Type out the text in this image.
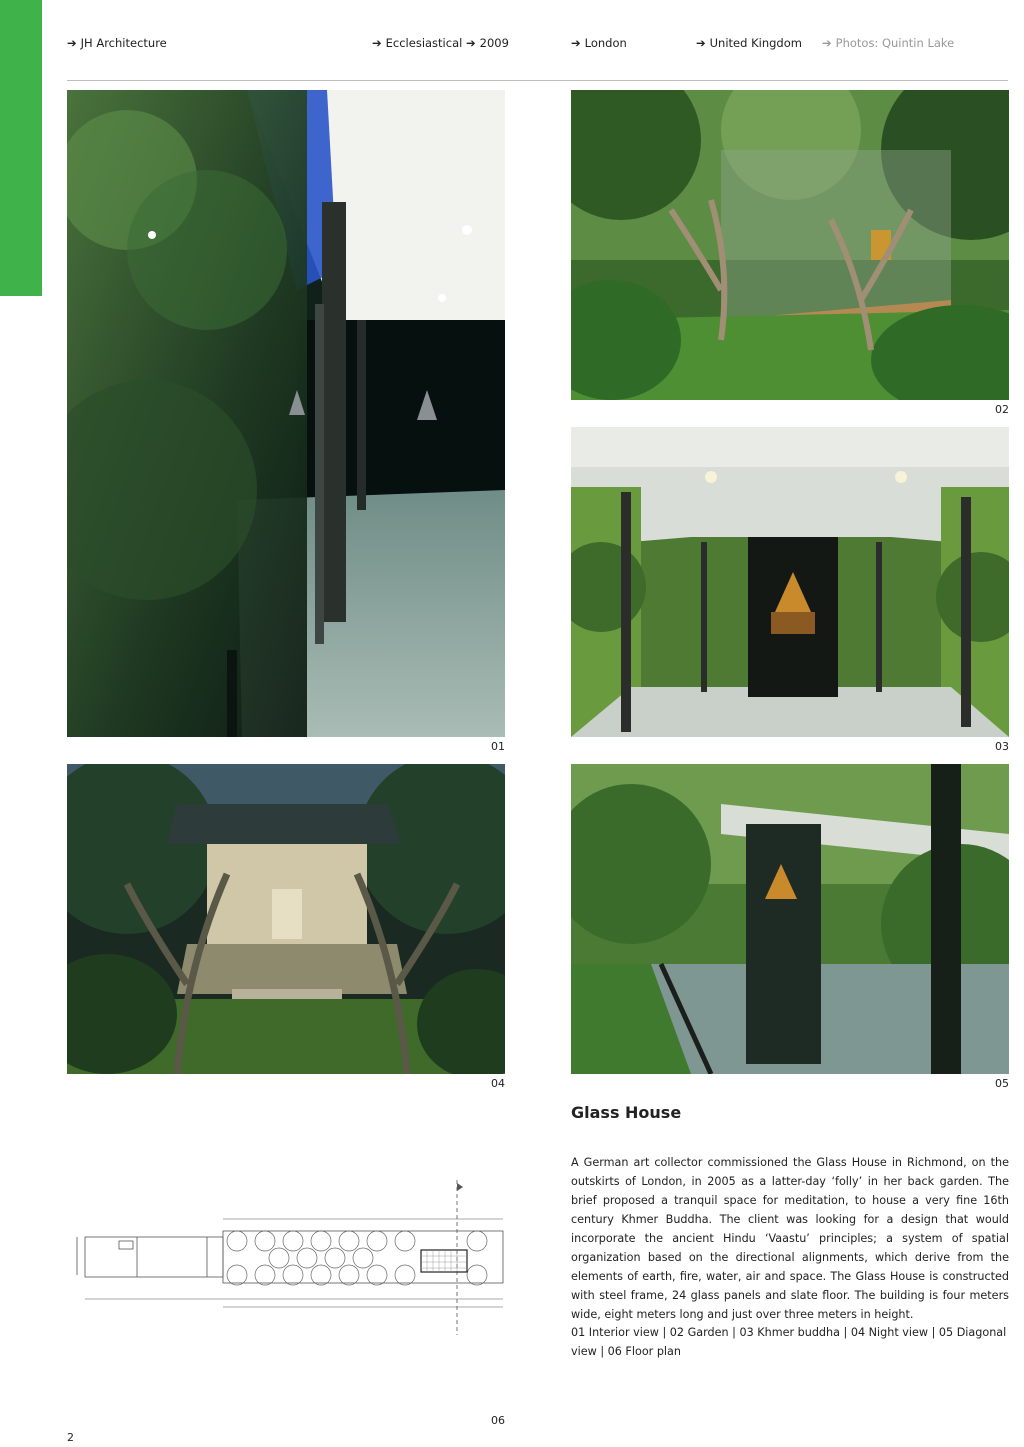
➔ JH Architecture	➔ Ecclesiastical ➔ 2009	➔ London	➔ United Kingdom ➔ Photos: Quintin Lake
01
02
03
04	05
06
Glass House
A German art collector commissioned the Glass House in Richmond, on the outskirts of London, in 2005 as a latter-day ‘folly’ in her back garden. The brief proposed a tranquil space for meditation, to house a very fine 16th century Khmer Buddha. The client was looking for a design that would incorporate the ancient Hindu ‘Vaastu’ principles; a system of spatial organization based on the directional alignments, which derive from the elements of earth, fire, water, air and space. The Glass House is constructed with steel frame, 24 glass panels and slate floor. The building is four meters wide, eight meters long and just over three meters in height.
01 Interior view | 02 Garden | 03 Khmer buddha | 04 Night view | 05 Diagonal view | 06 Floor plan
2
